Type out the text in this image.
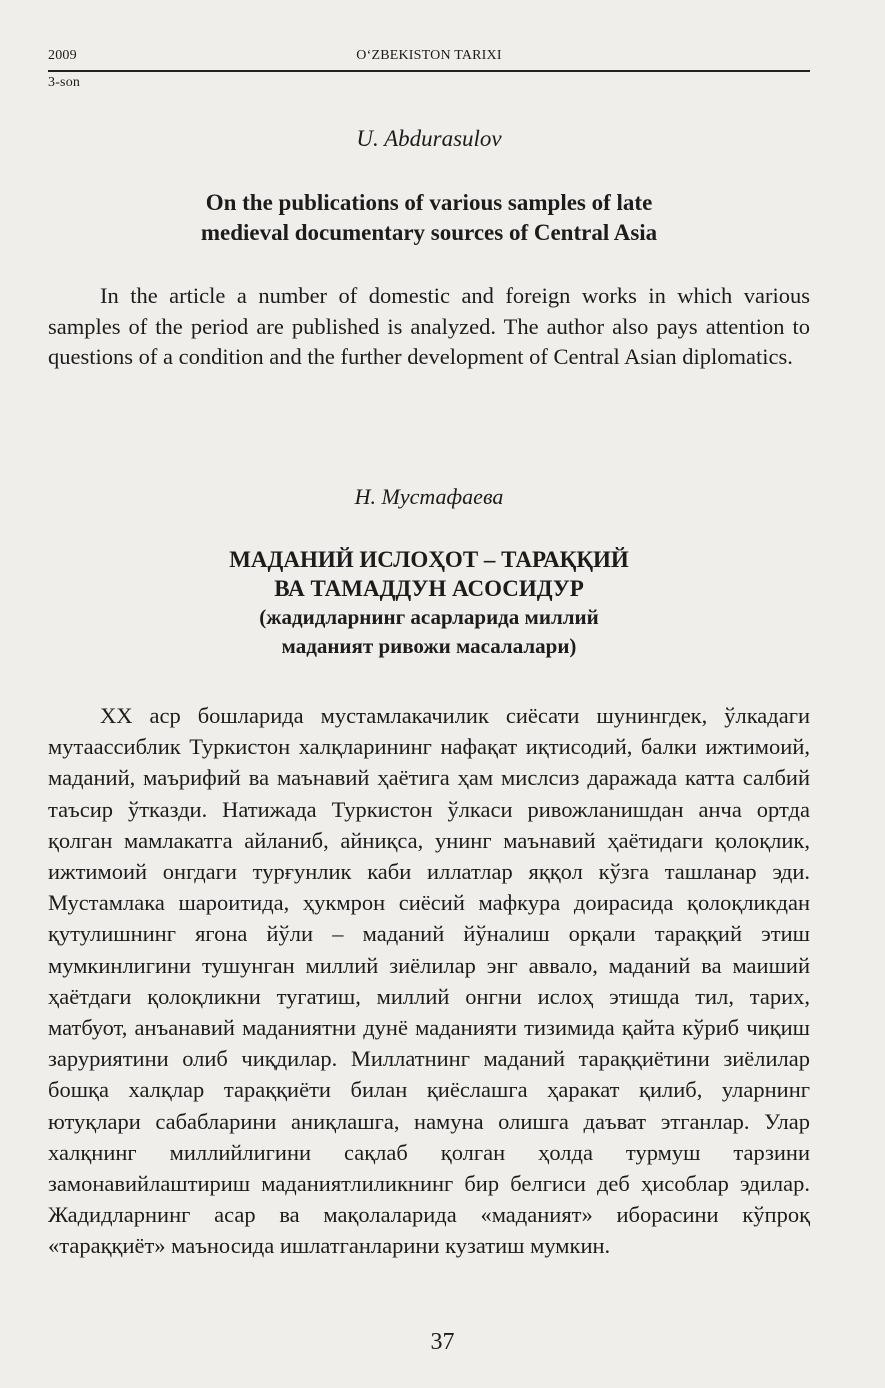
2009	O‘ZBEKISTON TARIXI
3-son
U. Abdurasulov
On the publications of various samples of late
medieval documentary sources of Central Asia

In the article a number of domestic and foreign works in which various samples of the period are published is analyzed. The author also pays attention to questions of a condition and the further development of Central Asian diplomatics.

Н. Мустафаева
МАДАНИЙ ИСЛОҲОТ – ТАРАҚҚИЙ
ВА ТАМАДДУН АСОСИДУР
(жадидларнинг асарларида миллий
маданият ривожи масалалари)

XX аср бошларида мустамлакачилик сиёсати шунингдек, ўлкадаги мутаассиблик Туркистон халқларининг нафақат иқтисодий, балки ижтимоий, маданий, маърифий ва маънавий ҳаётига ҳам мислсиз даражада катта салбий таъсир ўтказди. Натижада Туркистон ўлкаси ривожланишдан анча ортда қолган мамлакатга айланиб, айниқса, унинг маънавий ҳаётидаги қолоқлик, ижтимоий онгдаги турғунлик каби иллатлар яққол кўзга ташланар эди. Мустамлака шароитида, ҳукмрон сиёсий мафкура доирасида қолоқликдан қутулишнинг ягона йўли – маданий йўналиш орқали тараққий этиш мумкинлигини тушунган миллий зиёлилар энг аввало, маданий ва маиший ҳаётдаги қолоқликни тугатиш, миллий онгни ислоҳ этишда тил, тарих, матбуот, анъанавий маданиятни дунё маданияти тизимида қайта кўриб чиқиш заруриятини олиб чиқдилар. Миллатнинг маданий тараққиётини зиёлилар бошқа халқлар тараққиёти билан қиёслашга ҳаракат қилиб, уларнинг ютуқлари сабабларини аниқлашга, намуна олишга даъват этганлар. Улар халқнинг миллийлигини сақлаб қолган ҳолда турмуш тарзини замонавийлаштириш маданиятлиликнинг бир белгиси деб ҳисоблар эдилар. Жадидларнинг асар ва мақолаларида «маданият» иборасини кўпроқ «тараққиёт» маъносида ишлатганларини кузатиш мумкин.

37
